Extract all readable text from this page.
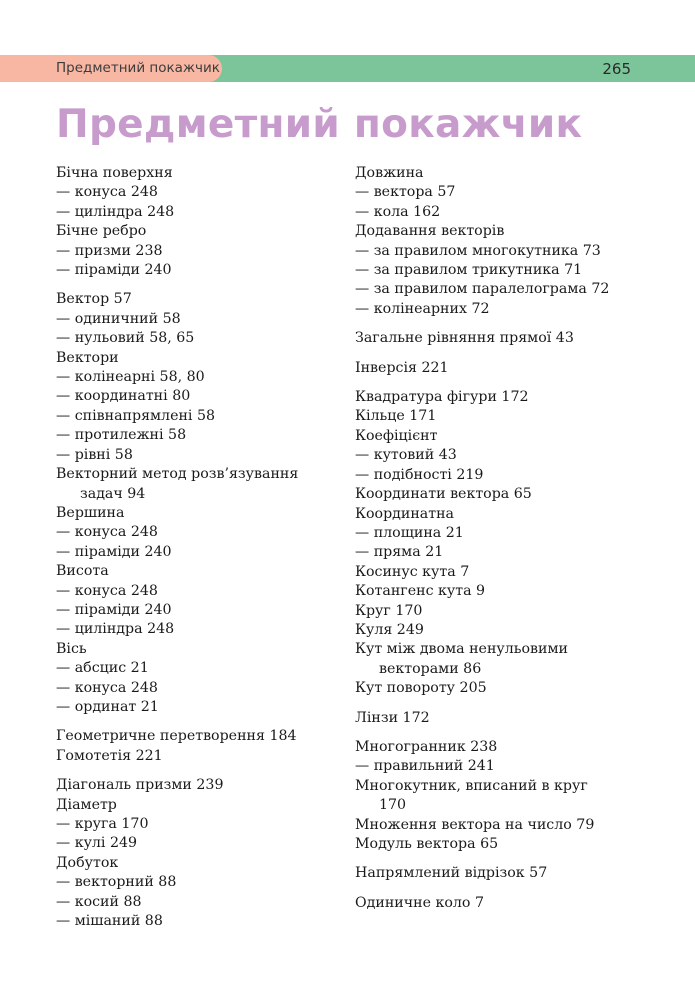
Предметний покажчик	265
Предметний покажчик
Бічна поверхня
— конуса 248
— циліндра 248
Бічне ребро
— призми 238
— піраміди 240
Вектор 57
— одиничний 58
— нульовий 58, 65
Вектори
— колінеарні 58, 80
— координатні 80
— співнапрямлені 58
— протилежні 58
— рівні 58
Векторний метод розв’язування
задач 94
Вершина
— конуса 248
— піраміди 240
Висота
— конуса 248
— піраміди 240
— циліндра 248
Вісь
— абсцис 21
— конуса 248
— ординат 21
Геометричне перетворення 184
Гомотетія 221
Діагональ призми 239
Діаметр
— круга 170
— кулі 249
Добуток
— векторний 88
— косий 88
— мішаний 88
Довжина
— вектора 57
— кола 162
Додавання векторів
— за правилом многокутника 73
— за правилом трикутника 71
— за правилом паралелограма 72
— колінеарних 72
Загальне рівняння прямої 43
Інверсія 221
Квадратура фігури 172
Кільце 171
Коефіцієнт
— кутовий 43
— подібності 219
Координати вектора 65
Координатна
— площина 21
— пряма 21
Косинус кута 7
Котангенс кута 9
Круг 170
Куля 249
Кут між двома ненульовими
векторами 86
Кут повороту 205
Лінзи 172
Многогранник 238
— правильний 241
Многокутник, вписаний в круг
170
Множення вектора на число 79
Модуль вектора 65
Напрямлений відрізок 57
Одиничне коло 7
